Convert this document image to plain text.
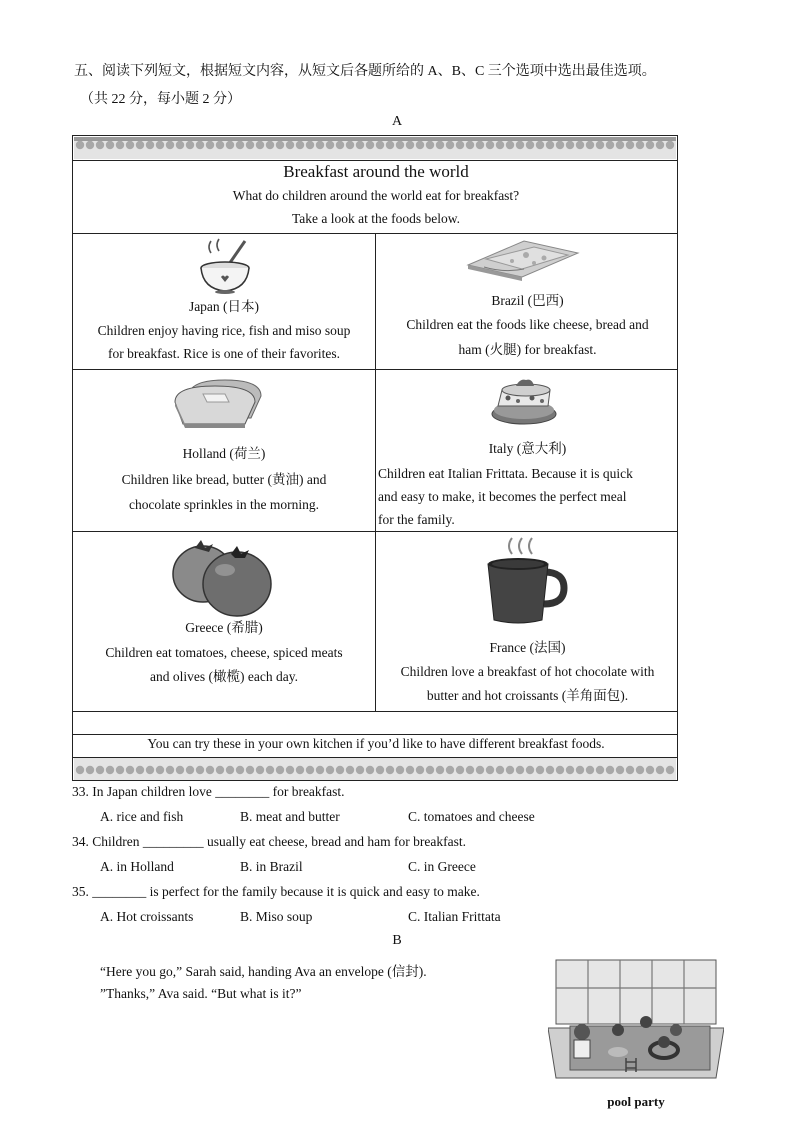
五、阅读下列短文，根据短文内容，从短文后各题所给的 A、B、C 三个选项中选出最佳选项。
（共 22 分，每小题 2 分）
A
Breakfast around the world
What do children around the world eat for breakfast?
Take a look at the foods below.
Japan (日本)
Children enjoy having rice, fish and miso soup
for breakfast. Rice is one of their favorites.
Brazil (巴西)
Children eat the foods like cheese, bread and
ham (火腿) for breakfast.
Holland (荷兰)
Children like bread, butter (黄油) and
chocolate sprinkles in the morning.
Italy (意大利)
Children eat Italian Frittata. Because it is quick
and easy to make, it becomes the perfect meal
for the family.
Greece (希腊)
Children eat tomatoes, cheese, spiced meats
and olives (橄榄) each day.
France (法国)
Children love a breakfast of hot chocolate with
butter and hot croissants (羊角面包).
You can try these in your own kitchen if you’d like to have different breakfast foods.
33. In Japan children love ________ for breakfast.
A. rice and fish	B. meat and butter	C. tomatoes and cheese
34. Children _________ usually eat cheese, bread and ham for breakfast.
A. in Holland	B. in Brazil	C. in Greece
35. ________ is perfect for the family because it is quick and easy to make.
A. Hot croissants	B. Miso soup	C. Italian Frittata
B
“Here you go,” Sarah said, handing Ava an envelope (信封).
”Thanks,” Ava said. “But what is it?”
pool party
